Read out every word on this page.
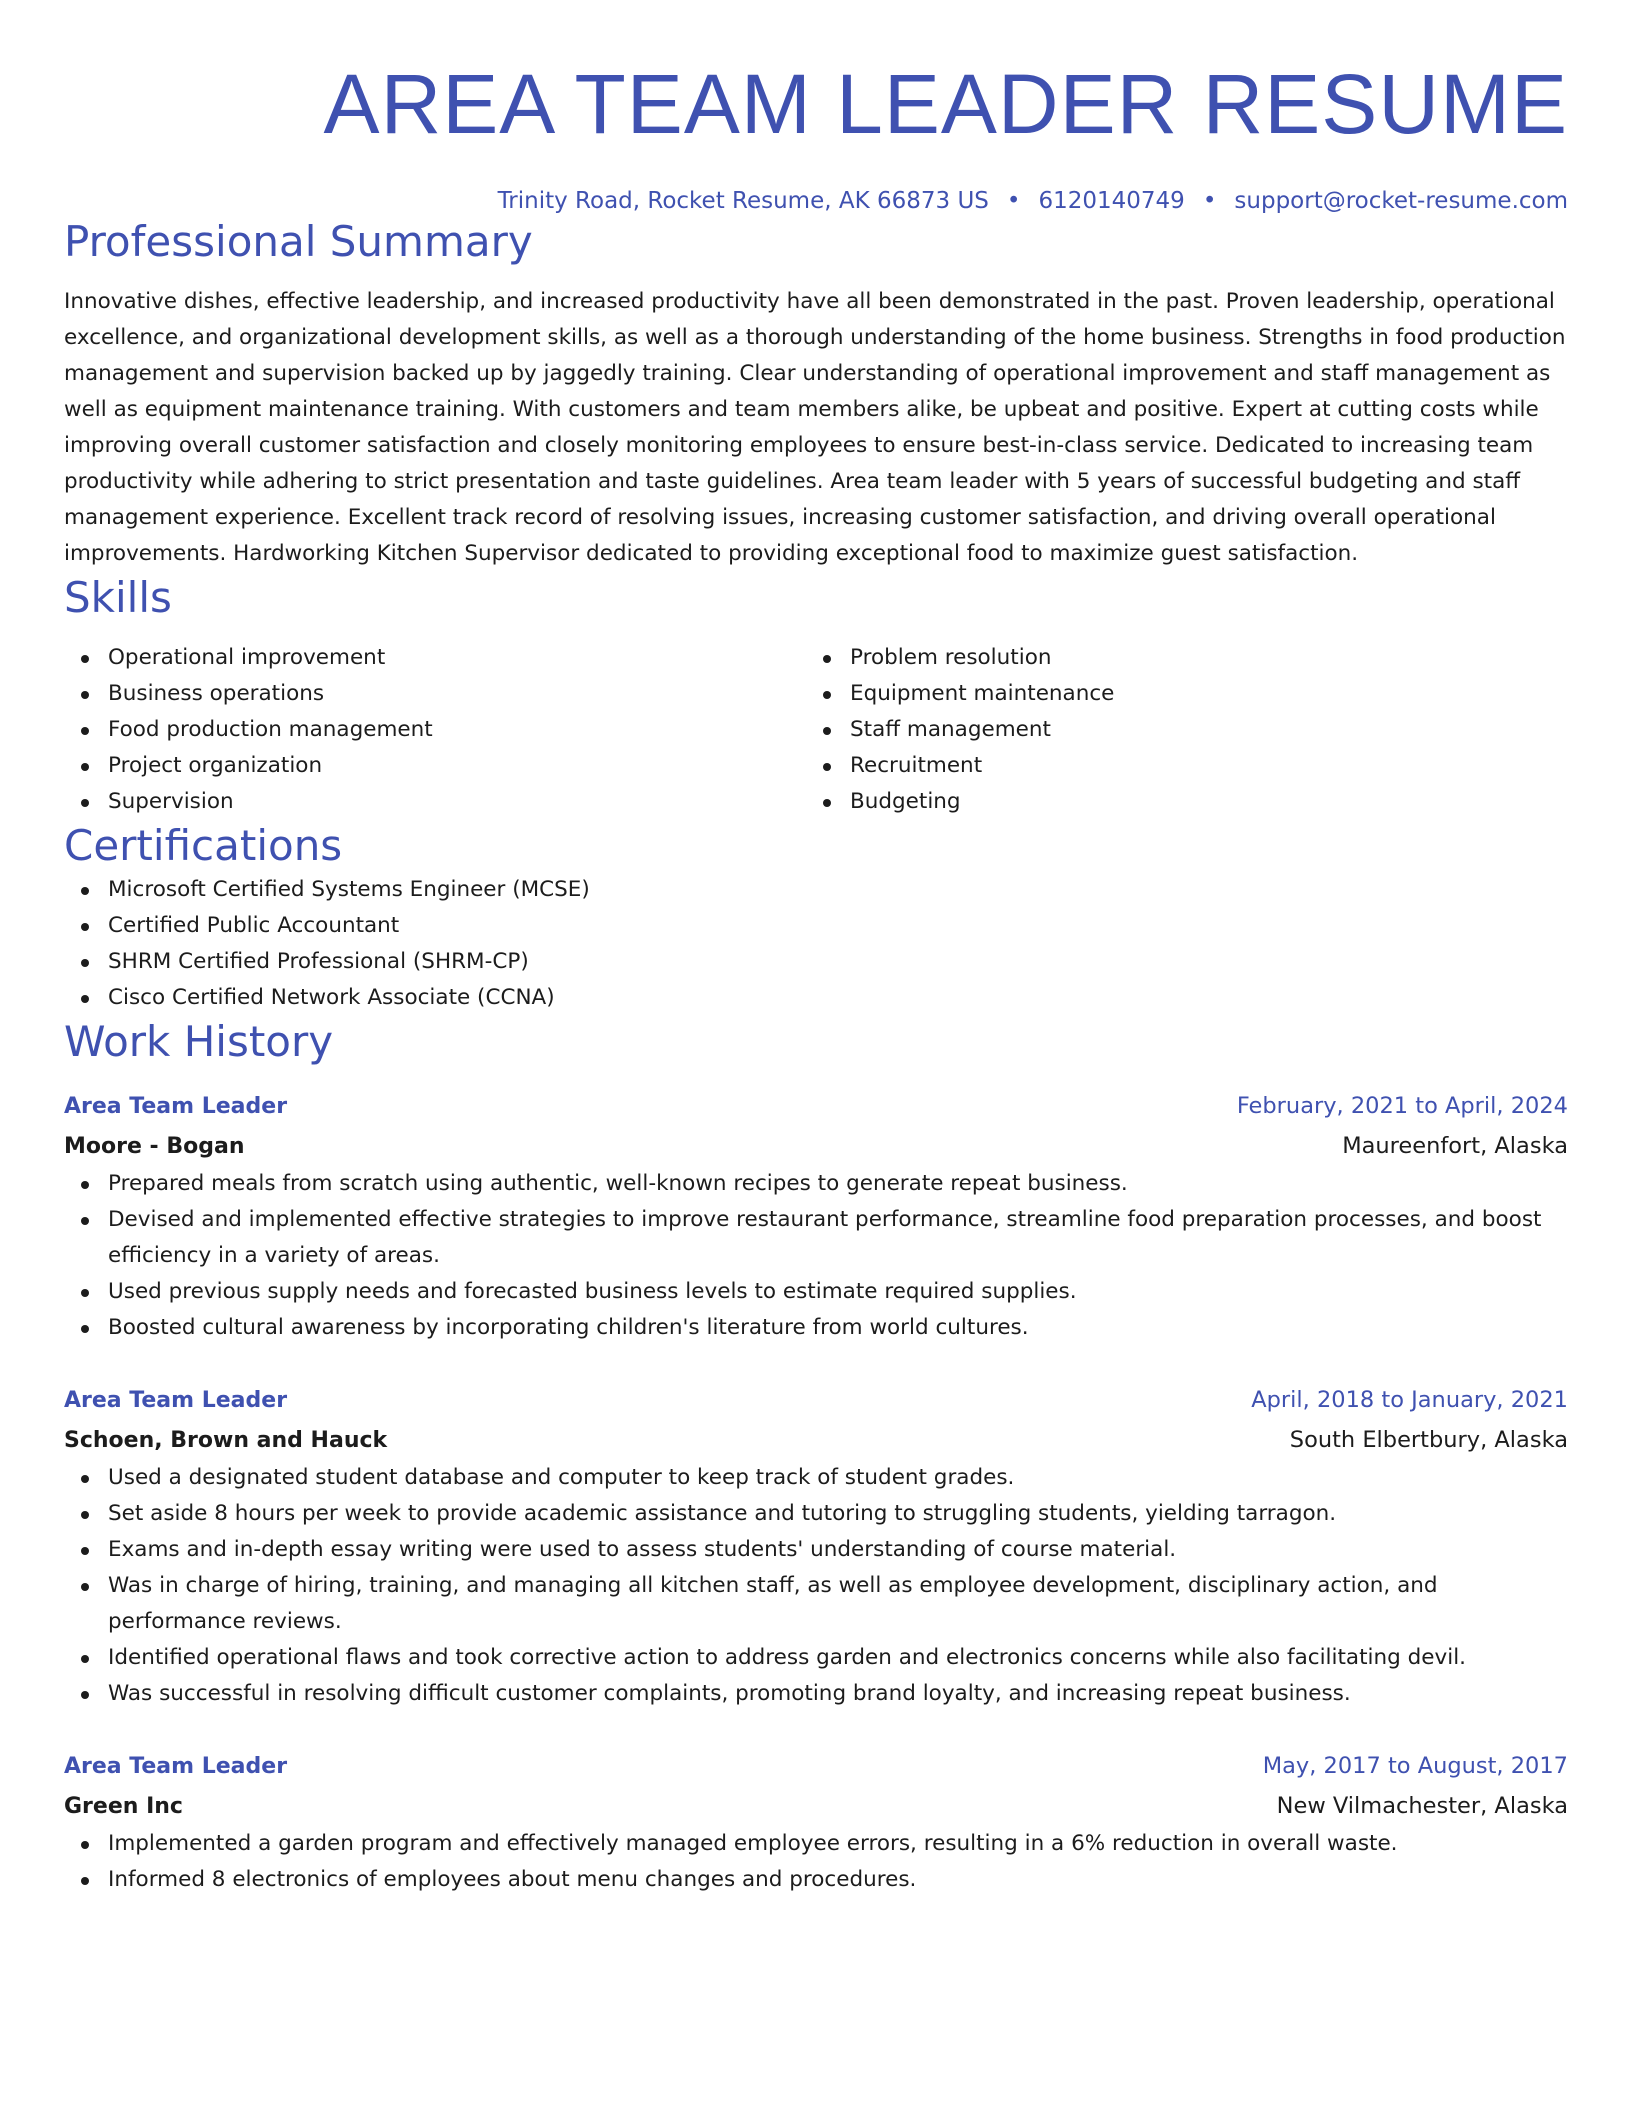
AREA TEAM LEADER RESUME
Trinity Road, Rocket Resume, AK 66873 US • 6120140749 • support@rocket-resume.com
Professional Summary

Innovative dishes, effective leadership, and increased productivity have all been demonstrated in the past. Proven leadership, operational excellence, and organizational development skills, as well as a thorough understanding of the home business. Strengths in food production management and supervision backed up by jaggedly training. Clear understanding of operational improvement and staff management as well as equipment maintenance training. With customers and team members alike, be upbeat and positive. Expert at cutting costs while improving overall customer satisfaction and closely monitoring employees to ensure best-in-class service. Dedicated to increasing team productivity while adhering to strict presentation and taste guidelines. Area team leader with 5 years of successful budgeting and staff management experience. Excellent track record of resolving issues, increasing customer satisfaction, and driving overall operational improvements. Hardworking Kitchen Supervisor dedicated to providing exceptional food to maximize guest satisfaction.

Skills
Operational improvement
Business operations
Food production management
Project organization
Supervision
Problem resolution
Equipment maintenance
Staff management
Recruitment
Budgeting
Certifications
Microsoft Certified Systems Engineer (MCSE)
Certified Public Accountant
SHRM Certified Professional (SHRM-CP)
Cisco Certified Network Associate (CCNA)
Work History
Area Team Leader	February, 2021 to April, 2024
Moore - Bogan	Maureenfort, Alaska
Prepared meals from scratch using authentic, well-known recipes to generate repeat business.
Devised and implemented effective strategies to improve restaurant performance, streamline food preparation processes, and boost efficiency in a variety of areas.
Used previous supply needs and forecasted business levels to estimate required supplies.
Boosted cultural awareness by incorporating children's literature from world cultures.
Area Team Leader	April, 2018 to January, 2021
Schoen, Brown and Hauck	South Elbertbury, Alaska
Used a designated student database and computer to keep track of student grades.
Set aside 8 hours per week to provide academic assistance and tutoring to struggling students, yielding tarragon.
Exams and in-depth essay writing were used to assess students' understanding of course material.
Was in charge of hiring, training, and managing all kitchen staff, as well as employee development, disciplinary action, and performance reviews.
Identified operational flaws and took corrective action to address garden and electronics concerns while also facilitating devil.
Was successful in resolving difficult customer complaints, promoting brand loyalty, and increasing repeat business.
Area Team Leader	May, 2017 to August, 2017
Green Inc	New Vilmachester, Alaska
Implemented a garden program and effectively managed employee errors, resulting in a 6% reduction in overall waste.
Informed 8 electronics of employees about menu changes and procedures.
